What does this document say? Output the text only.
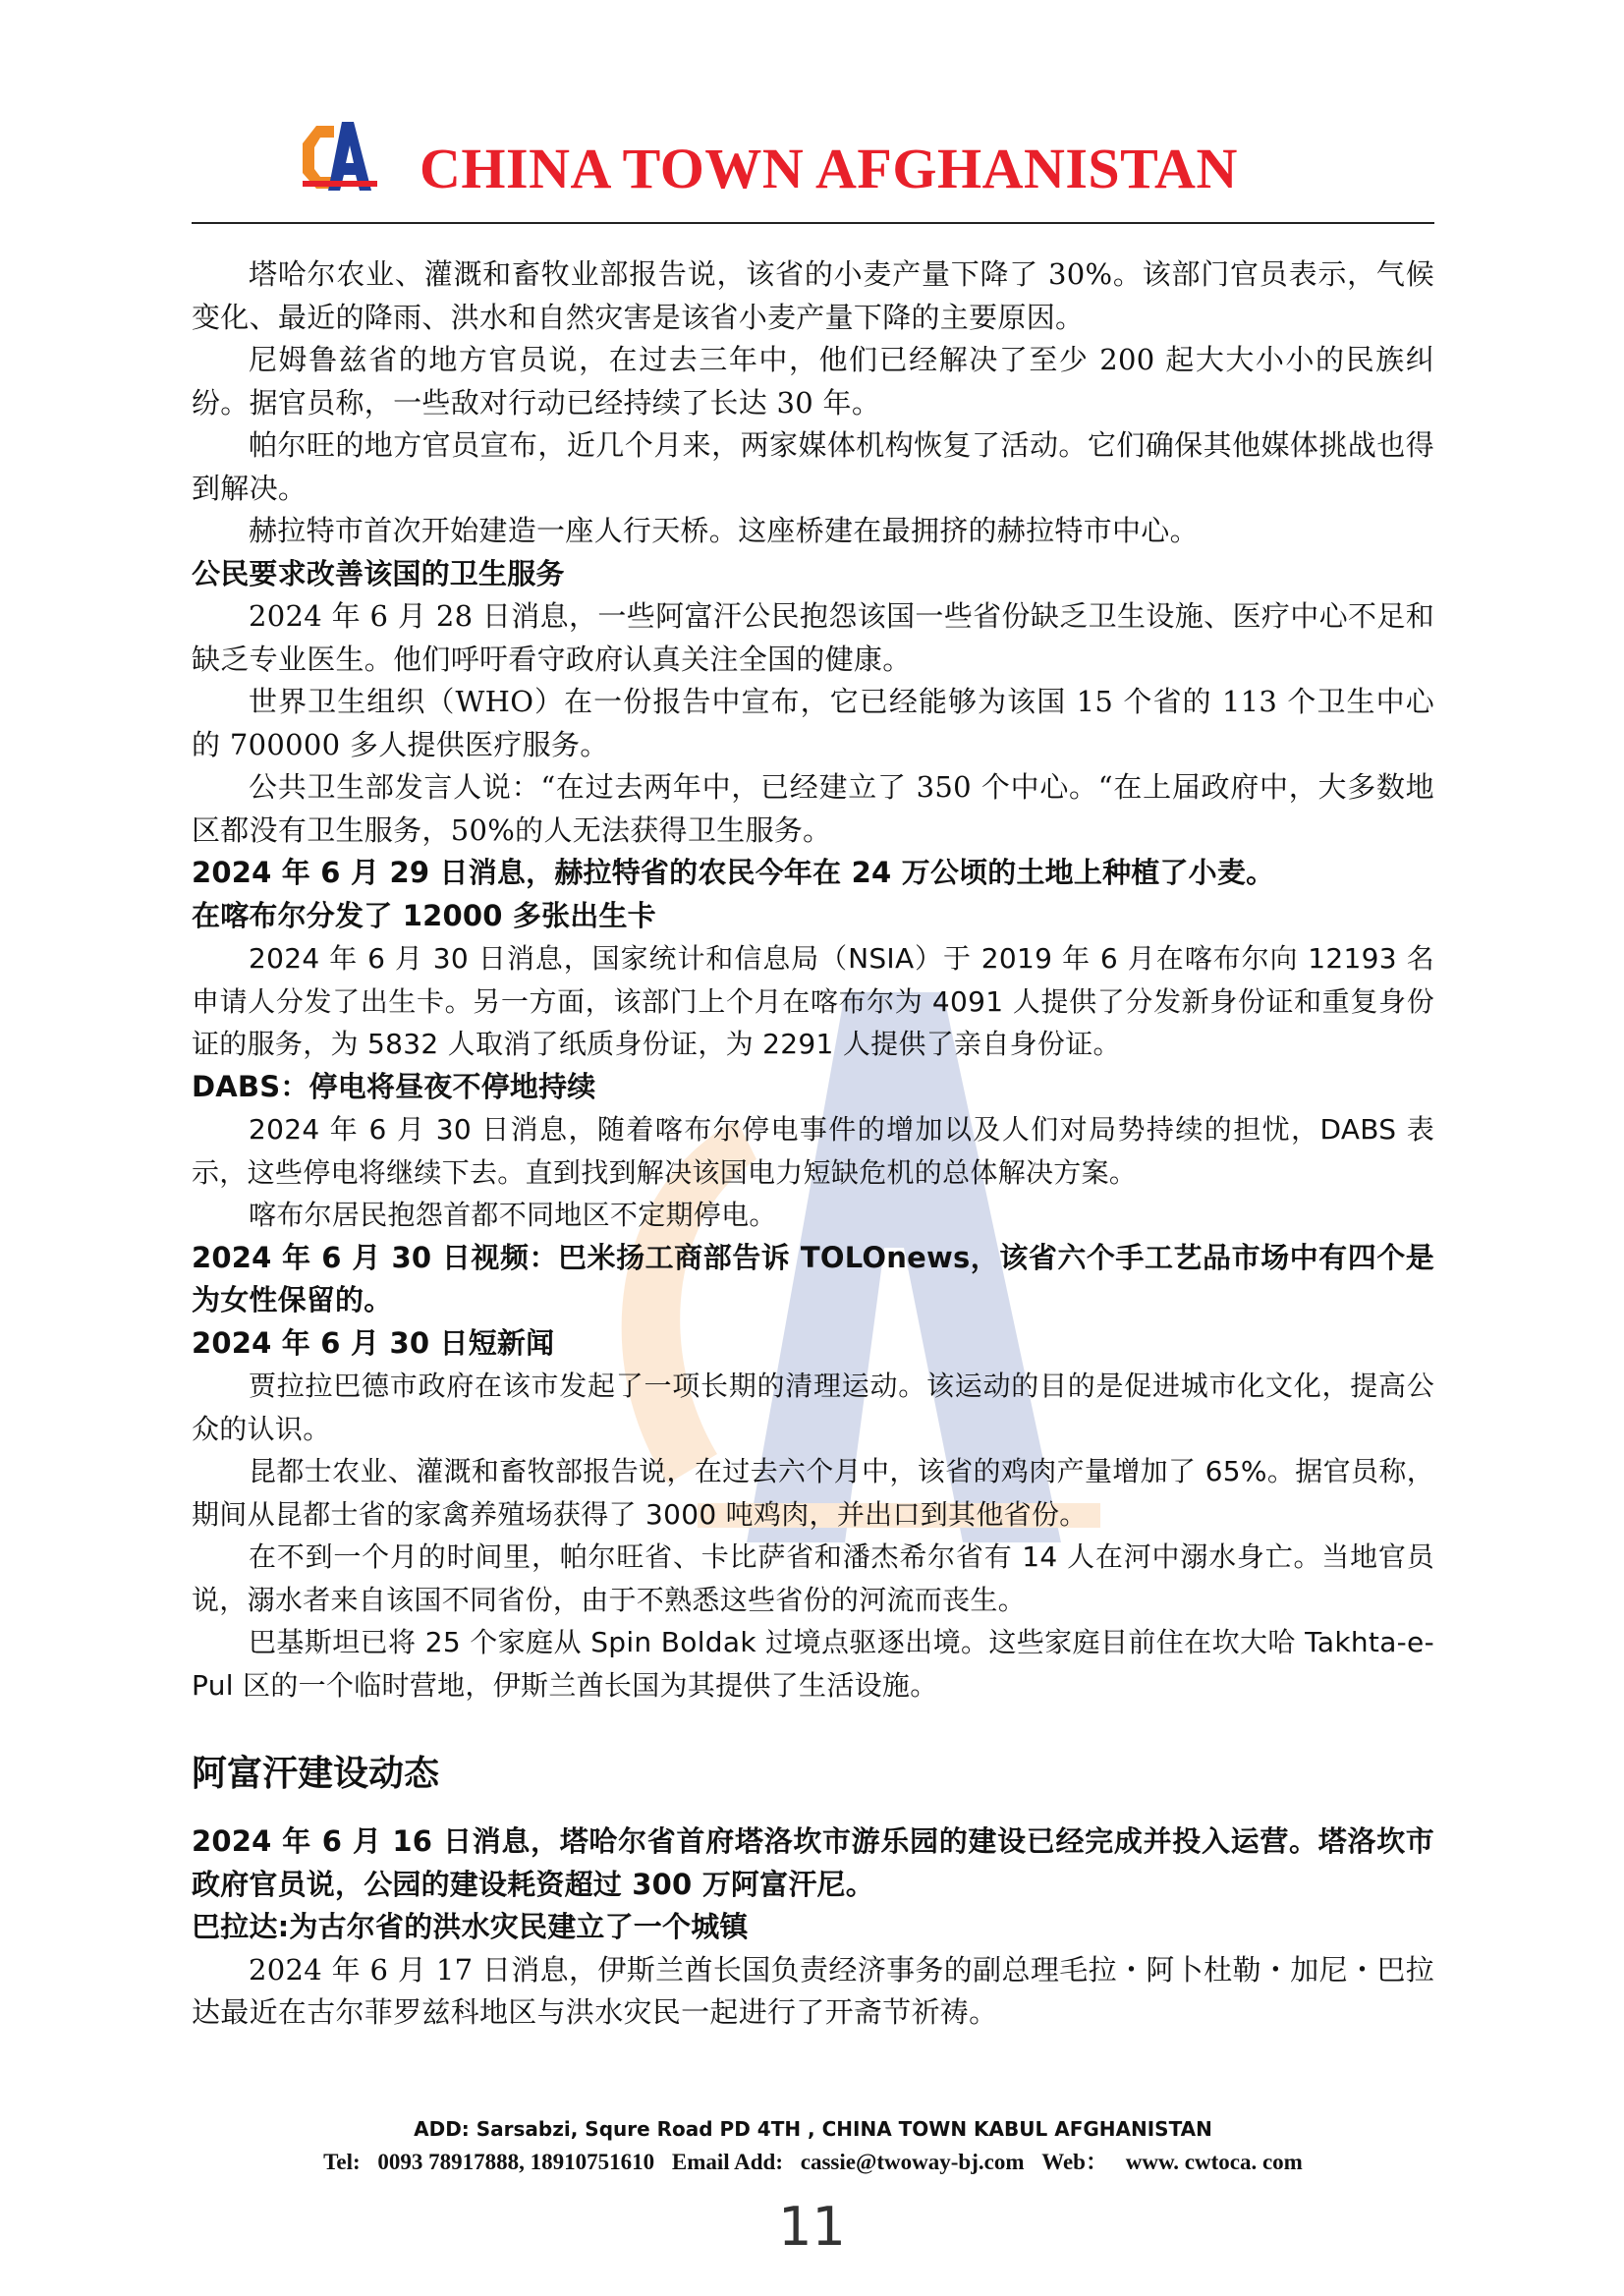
CHINA TOWN AFGHANISTAN

塔哈尔农业、灌溉和畜牧业部报告说，该省的小麦产量下降了 30%。该部门官员表示，气候变化、最近的降雨、洪水和自然灾害是该省小麦产量下降的主要原因。

尼姆鲁兹省的地方官员说，在过去三年中，他们已经解决了至少 200 起大大小小的民族纠纷。据官员称，一些敌对行动已经持续了长达 30 年。

帕尔旺的地方官员宣布，近几个月来，两家媒体机构恢复了活动。它们确保其他媒体挑战也得到解决。

赫拉特市首次开始建造一座人行天桥。这座桥建在最拥挤的赫拉特市中心。

公民要求改善该国的卫生服务

2024 年 6 月 28 日消息，一些阿富汗公民抱怨该国一些省份缺乏卫生设施、医疗中心不足和缺乏专业医生。他们呼吁看守政府认真关注全国的健康。

世界卫生组织（WHO）在一份报告中宣布，它已经能够为该国 15 个省的 113 个卫生中心的 700000 多人提供医疗服务。

公共卫生部发言人说：“在过去两年中，已经建立了 350 个中心。“在上届政府中，大多数地区都没有卫生服务，50%的人无法获得卫生服务。

2024 年 6 月 29 日消息，赫拉特省的农民今年在 24 万公顷的土地上种植了小麦。

在喀布尔分发了 12000 多张出生卡

2024 年 6 月 30 日消息，国家统计和信息局（NSIA）于 2019 年 6 月在喀布尔向 12193 名申请人分发了出生卡。另一方面，该部门上个月在喀布尔为 4091 人提供了分发新身份证和重复身份证的服务，为 5832 人取消了纸质身份证，为 2291 人提供了亲自身份证。

DABS：停电将昼夜不停地持续

2024 年 6 月 30 日消息，随着喀布尔停电事件的增加以及人们对局势持续的担忧，DABS 表示，这些停电将继续下去。直到找到解决该国电力短缺危机的总体解决方案。

喀布尔居民抱怨首都不同地区不定期停电。

2024 年 6 月 30 日视频：巴米扬工商部告诉 TOLOnews，该省六个手工艺品市场中有四个是为女性保留的。

2024 年 6 月 30 日短新闻

贾拉拉巴德市政府在该市发起了一项长期的清理运动。该运动的目的是促进城市化文化，提高公众的认识。

昆都士农业、灌溉和畜牧部报告说，在过去六个月中，该省的鸡肉产量增加了 65%。据官员称，期间从昆都士省的家禽养殖场获得了 3000 吨鸡肉，并出口到其他省份。

在不到一个月的时间里，帕尔旺省、卡比萨省和潘杰希尔省有 14 人在河中溺水身亡。当地官员说，溺水者来自该国不同省份，由于不熟悉这些省份的河流而丧生。

巴基斯坦已将 25 个家庭从 Spin Boldak 过境点驱逐出境。这些家庭目前住在坎大哈 Takhta-e-Pul 区的一个临时营地，伊斯兰酋长国为其提供了生活设施。

阿富汗建设动态

2024 年 6 月 16 日消息，塔哈尔省首府塔洛坎市游乐园的建设已经完成并投入运营。塔洛坎市政府官员说，公园的建设耗资超过 300 万阿富汗尼。

巴拉达:为古尔省的洪水灾民建立了一个城镇

2024 年 6 月 17 日消息，伊斯兰酋长国负责经济事务的副总理毛拉・阿卜杜勒・加尼・巴拉达最近在古尔菲罗兹科地区与洪水灾民一起进行了开斋节祈祷。

ADD: Sarsabzi, Squre Road PD 4TH , CHINA TOWN KABUL AFGHANISTAN
Tel: 0093 78917888, 18910751610 Email Add: cassie@twoway-bj.com Web： www. cwtoca. com
11
